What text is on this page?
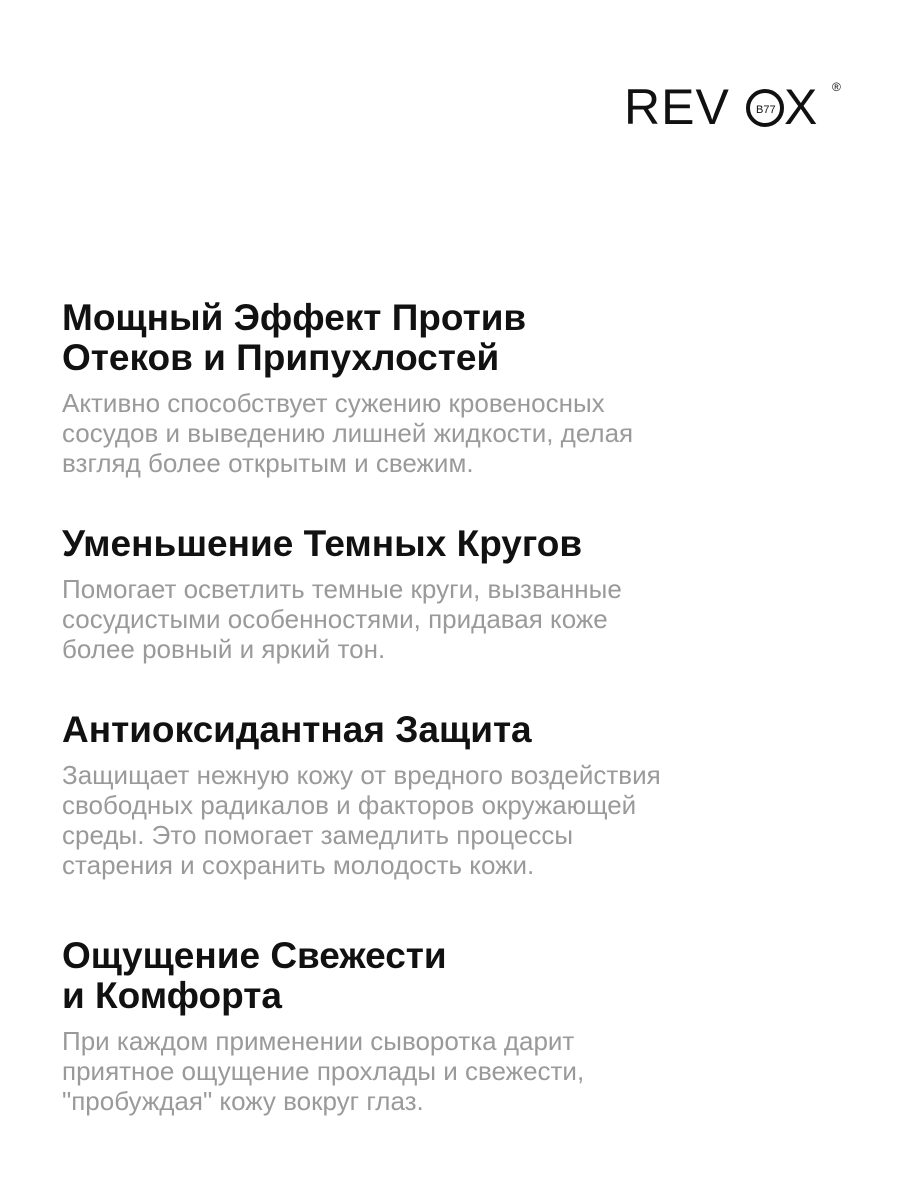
REV B77 X ®
Мощный Эффект Против
Отеков и Припухлостей

Активно способствует сужению кровеносных
сосудов и выведению лишней жидкости, делая
взгляд более открытым и свежим.

Уменьшение Темных Кругов

Помогает осветлить темные круги, вызванные
сосудистыми особенностями, придавая коже
более ровный и яркий тон.

Антиоксидантная Защита

Защищает нежную кожу от вредного воздействия
свободных радикалов и факторов окружающей
среды. Это помогает замедлить процессы
старения и сохранить молодость кожи.

Ощущение Свежести
и Комфорта

При каждом применении сыворотка дарит
приятное ощущение прохлады и свежести,
"пробуждая" кожу вокруг глаз.
